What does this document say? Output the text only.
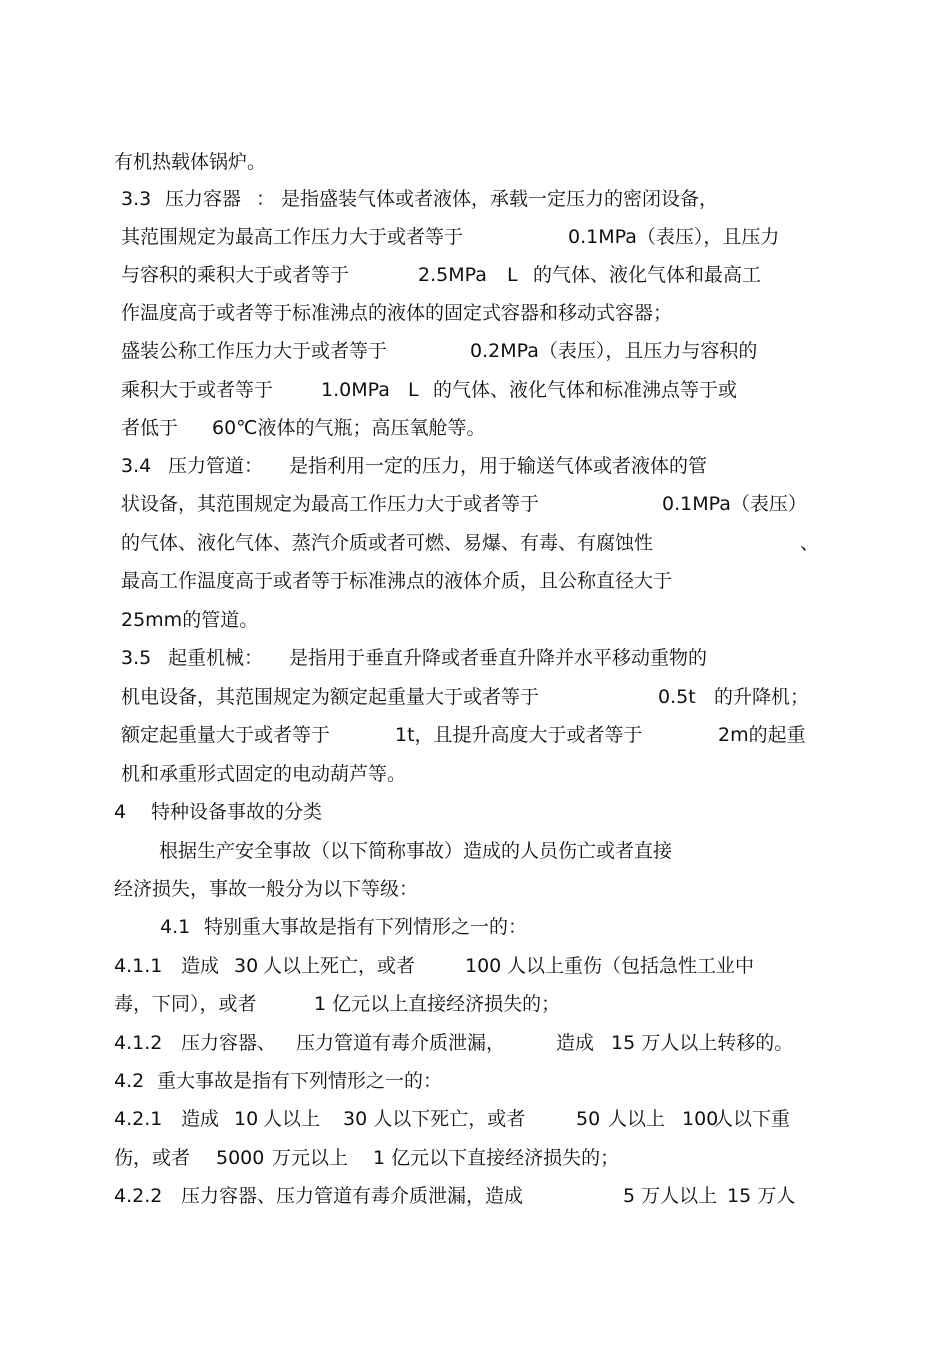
有机热载体锅炉。
3.3 压力容器 ： 是指盛装气体或者液体，承载一定压力的密闭设备，
其范围规定为最高工作压力大于或者等于	0.1MPa（表压），且压力
与容积的乘积大于或者等于	2.5MPa L 的气体、液化气体和最高工
作温度高于或者等于标准沸点的液体的固定式容器和移动式容器；
盛装公称工作压力大于或者等于	0.2MPa（表压），且压力与容积的
乘积大于或者等于	1.0MPa L 的气体、液化气体和标准沸点等于或
者低于 60℃液体的气瓶；高压氧舱等。
3.4 压力管道： 是指利用一定的压力，用于输送气体或者液体的管
状设备，其范围规定为最高工作压力大于或者等于	0.1MPa（表压）
的气体、液化气体、蒸汽介质或者可燃、易爆、有毒、有腐蚀性	、
最高工作温度高于或者等于标准沸点的液体介质，且公称直径大于
25mm的管道。
3.5 起重机械： 是指用于垂直升降或者垂直升降并水平移动重物的
机电设备，其范围规定为额定起重量大于或者等于	0.5t 的升降机；
额定起重量大于或者等于	1t，且提升高度大于或者等于	2m的起重
机和承重形式固定的电动葫芦等。
4 特种设备事故的分类
根据生产安全事故（以下简称事故）造成的人员伤亡或者直接
经济损失，事故一般分为以下等级：
4.1 特别重大事故是指有下列情形之一的：
4.1.1 造成 30 人以上死亡，或者	100 人以上重伤（包括急性工业中
毒，下同），或者	1 亿元以上直接经济损失的；
4.1.2 压力容器、 压力管道有毒介质泄漏，	造成 15 万人以上转移的。
4.2 重大事故是指有下列情形之一的：
4.2.1 造成 10 人以上 30 人以下死亡，或者	50 人以上 100
人以下重
伤，或者 5000 万元以上 1 亿元以下直接经济损失的；
4.2.2 压力容器、压力管道有毒介质泄漏，造成	5 万人以上 15 万人
